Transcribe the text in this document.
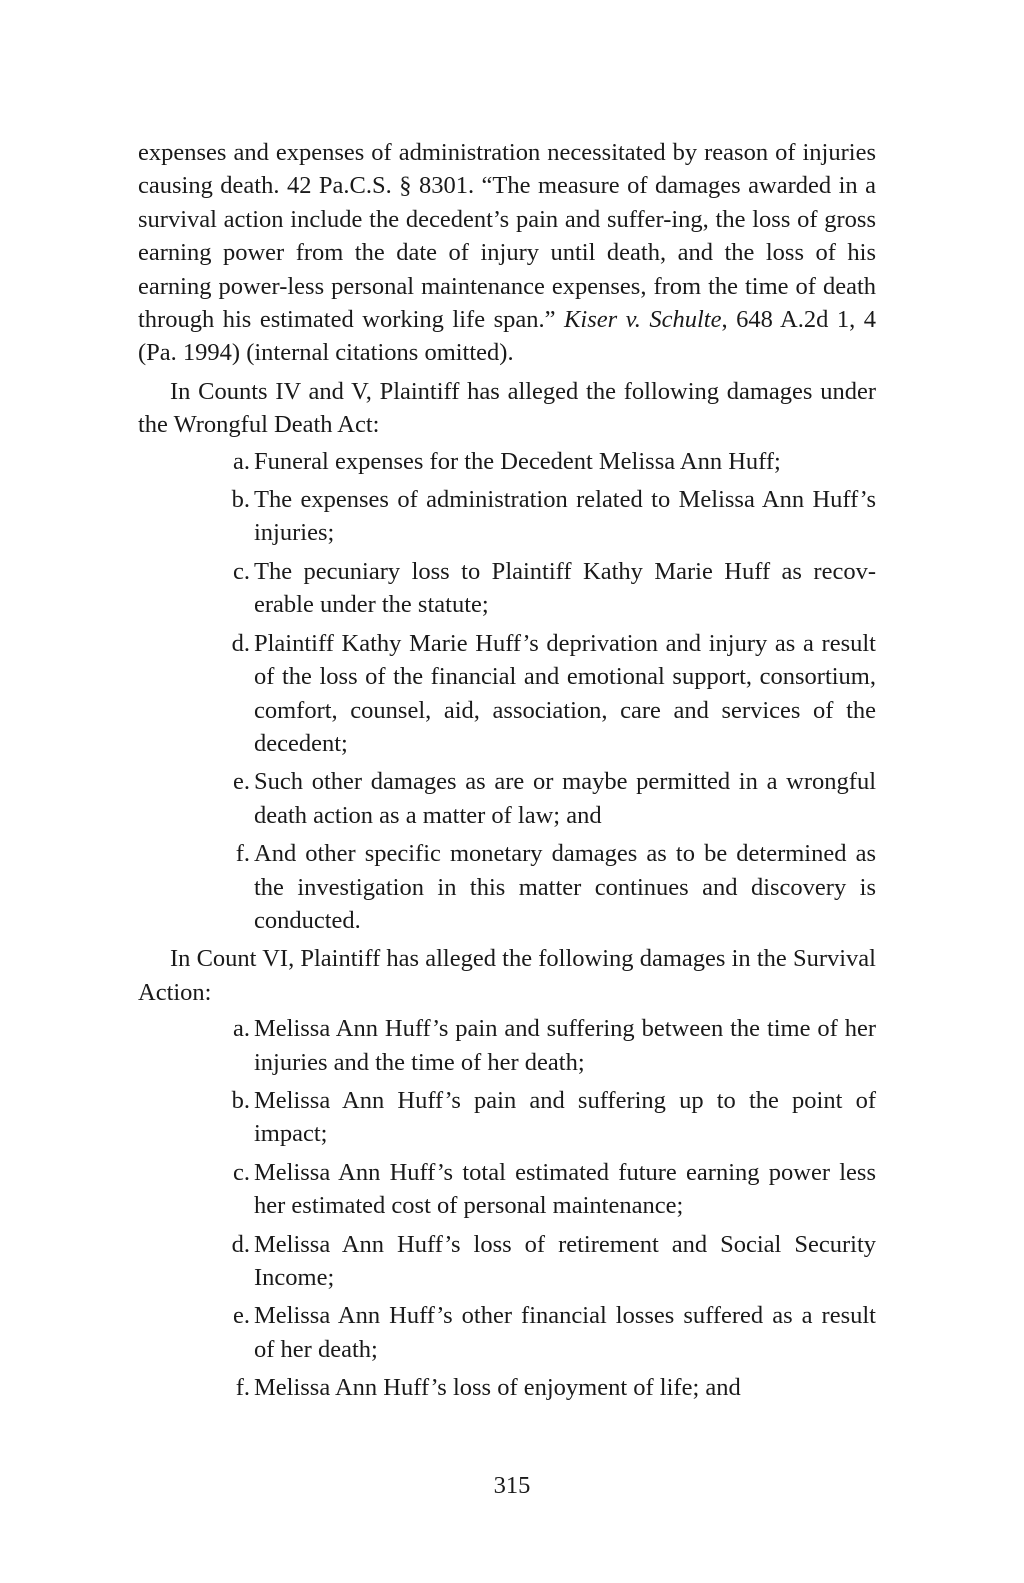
expenses and expenses of administration necessitated by reason of injuries causing death. 42 Pa.C.S. § 8301. “The measure of damages awarded in a survival action include the decedent’s pain and suffer-ing, the loss of gross earning power from the date of injury until death, and the loss of his earning power-less personal maintenance expenses, from the time of death through his estimated working life span.” Kiser v. Schulte, 648 A.2d 1, 4 (Pa. 1994) (internal citations omitted).

In Counts IV and V, Plaintiff has alleged the following damages under the Wrongful Death Act:

a . Funeral expenses for the Decedent Melissa Ann Huff;
b . The expenses of administration related to Melissa Ann Huff’s injuries;
c . The pecuniary loss to Plaintiff Kathy Marie Huff as recov-erable under the statute;
d . Plaintiff Kathy Marie Huff’s deprivation and injury as a result of the loss of the financial and emotional support, consortium, comfort, counsel, aid, association, care and services of the decedent;
e . Such other damages as are or maybe permitted in a wrongful death action as a matter of law; and
f . And other specific monetary damages as to be determined as the investigation in this matter continues and discovery is conducted.

In Count VI, Plaintiff has alleged the following damages in the Survival Action:

a . Melissa Ann Huff’s pain and suffering between the time of her injuries and the time of her death;
b . Melissa Ann Huff’s pain and suffering up to the point of impact;
c . Melissa Ann Huff’s total estimated future earning power less her estimated cost of personal maintenance;
d . Melissa Ann Huff’s loss of retirement and Social Security Income;
e . Melissa Ann Huff’s other financial losses suffered as a result of her death;
f . Melissa Ann Huff’s loss of enjoyment of life; and
315
